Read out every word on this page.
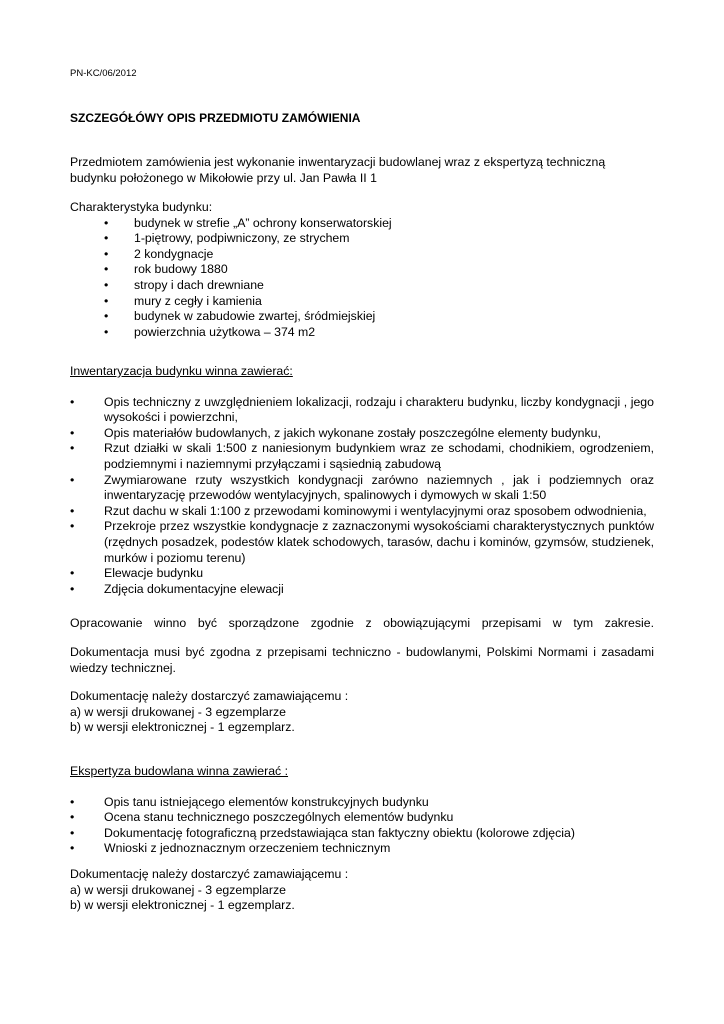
PN-KC/06/2012
SZCZEGÓŁÓWY OPIS PRZEDMIOTU ZAMÓWIENIA

Przedmiotem zamówienia jest wykonanie inwentaryzacji budowlanej wraz z ekspertyzą techniczną budynku położonego w Mikołowie przy ul. Jan Pawła II 1

Charakterystyka budynku:

• budynek w strefie „A” ochrony konserwatorskiej
• 1-piętrowy, podpiwniczony, ze strychem
• 2 kondygnacje
• rok budowy 1880
• stropy i dach drewniane
• mury z cegły i kamienia
• budynek w zabudowie zwartej, śródmiejskiej
• powierzchnia użytkowa – 374 m2

Inwentaryzacja budynku winna zawierać:

• Opis techniczny z uwzględnieniem lokalizacji, rodzaju i charakteru budynku, liczby kondygnacji , jego wysokości i powierzchni,
• Opis materiałów budowlanych, z jakich wykonane zostały poszczególne elementy budynku,
• Rzut działki w skali 1:500 z naniesionym budynkiem wraz ze schodami, chodnikiem, ogrodzeniem, podziemnymi i naziemnymi przyłączami i sąsiednią zabudową
• Zwymiarowane rzuty wszystkich kondygnacji zarówno naziemnych , jak i podziemnych oraz inwentaryzację przewodów wentylacyjnych, spalinowych i dymowych w skali 1:50
• Rzut dachu w skali 1:100 z przewodami kominowymi i wentylacyjnymi oraz sposobem odwodnienia,
• Przekroje przez wszystkie kondygnacje z zaznaczonymi wysokościami charakterystycznych punktów (rzędnych posadzek, podestów klatek schodowych, tarasów, dachu i kominów, gzymsów, studzienek, murków i poziomu terenu)
• Elewacje budynku
• Zdjęcia dokumentacyjne elewacji

Opracowanie winno być sporządzone zgodnie z obowiązującymi przepisami w tym zakresie.

Dokumentacja musi być zgodna z przepisami techniczno - budowlanymi, Polskimi Normami i zasadami wiedzy technicznej.

Dokumentację należy dostarczyć zamawiającemu :

a) w wersji drukowanej - 3 egzemplarze

b) w wersji elektronicznej - 1 egzemplarz.

Ekspertyza budowlana winna zawierać :

• Opis tanu istniejącego elementów konstrukcyjnych budynku
• Ocena stanu technicznego poszczególnych elementów budynku
• Dokumentację fotograficzną przedstawiająca stan faktyczny obiektu (kolorowe zdjęcia)
• Wnioski z jednoznacznym orzeczeniem technicznym

Dokumentację należy dostarczyć zamawiającemu :

a) w wersji drukowanej - 3 egzemplarze

b) w wersji elektronicznej - 1 egzemplarz.
